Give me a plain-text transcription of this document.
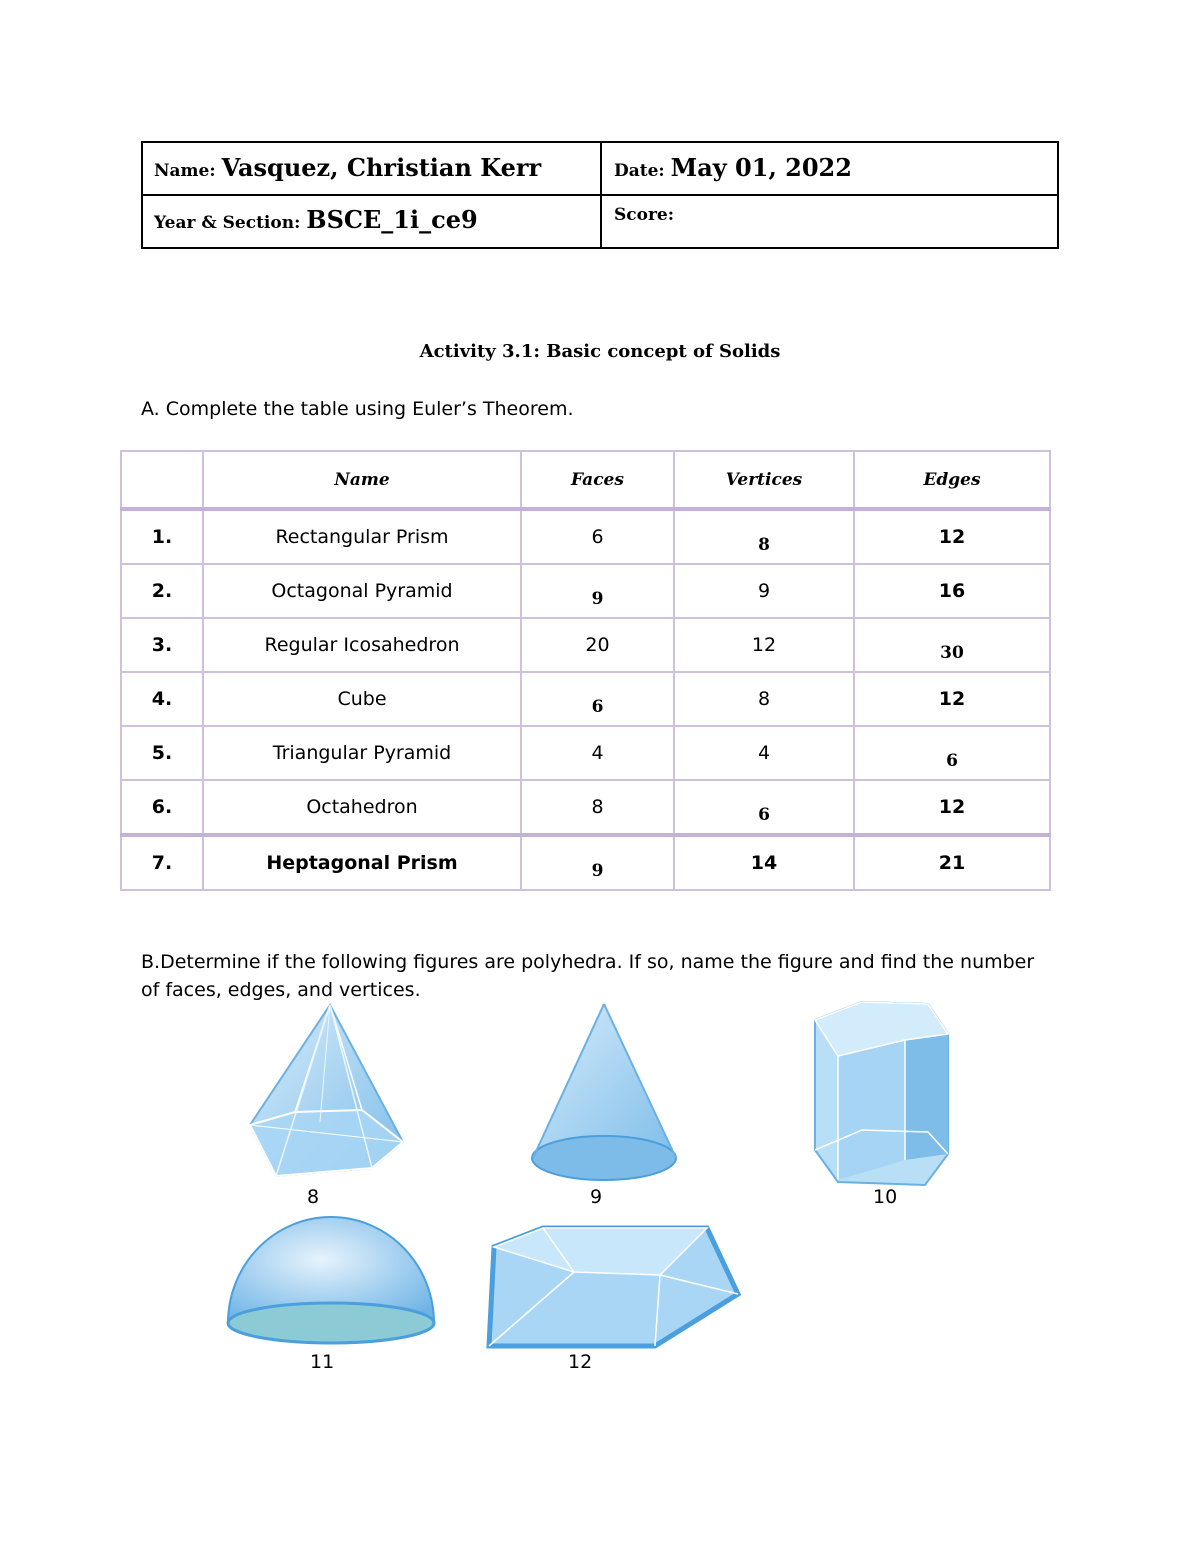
Name: Vasquez, Christian Kerr	Date: May 01, 2022
Year & Section: BSCE_1i_ce9	Score:
Activity 3.1: Basic concept of Solids
A. Complete the table using Euler’s Theorem.
	Name	Faces	Vertices	Edges
1.	Rectangular Prism	6	8	12
2.	Octagonal Pyramid	9	9	16
3.	Regular Icosahedron	20	12	30
4.	Cube	6	8	12
5.	Triangular Pyramid	4	4	6
6.	Octahedron	8	6	12
7.	Heptagonal Prism	9	14	21
B.Determine if the following figures are polyhedra. If so, name the figure and find the number of faces, edges, and vertices.
8	9	10
11	12
